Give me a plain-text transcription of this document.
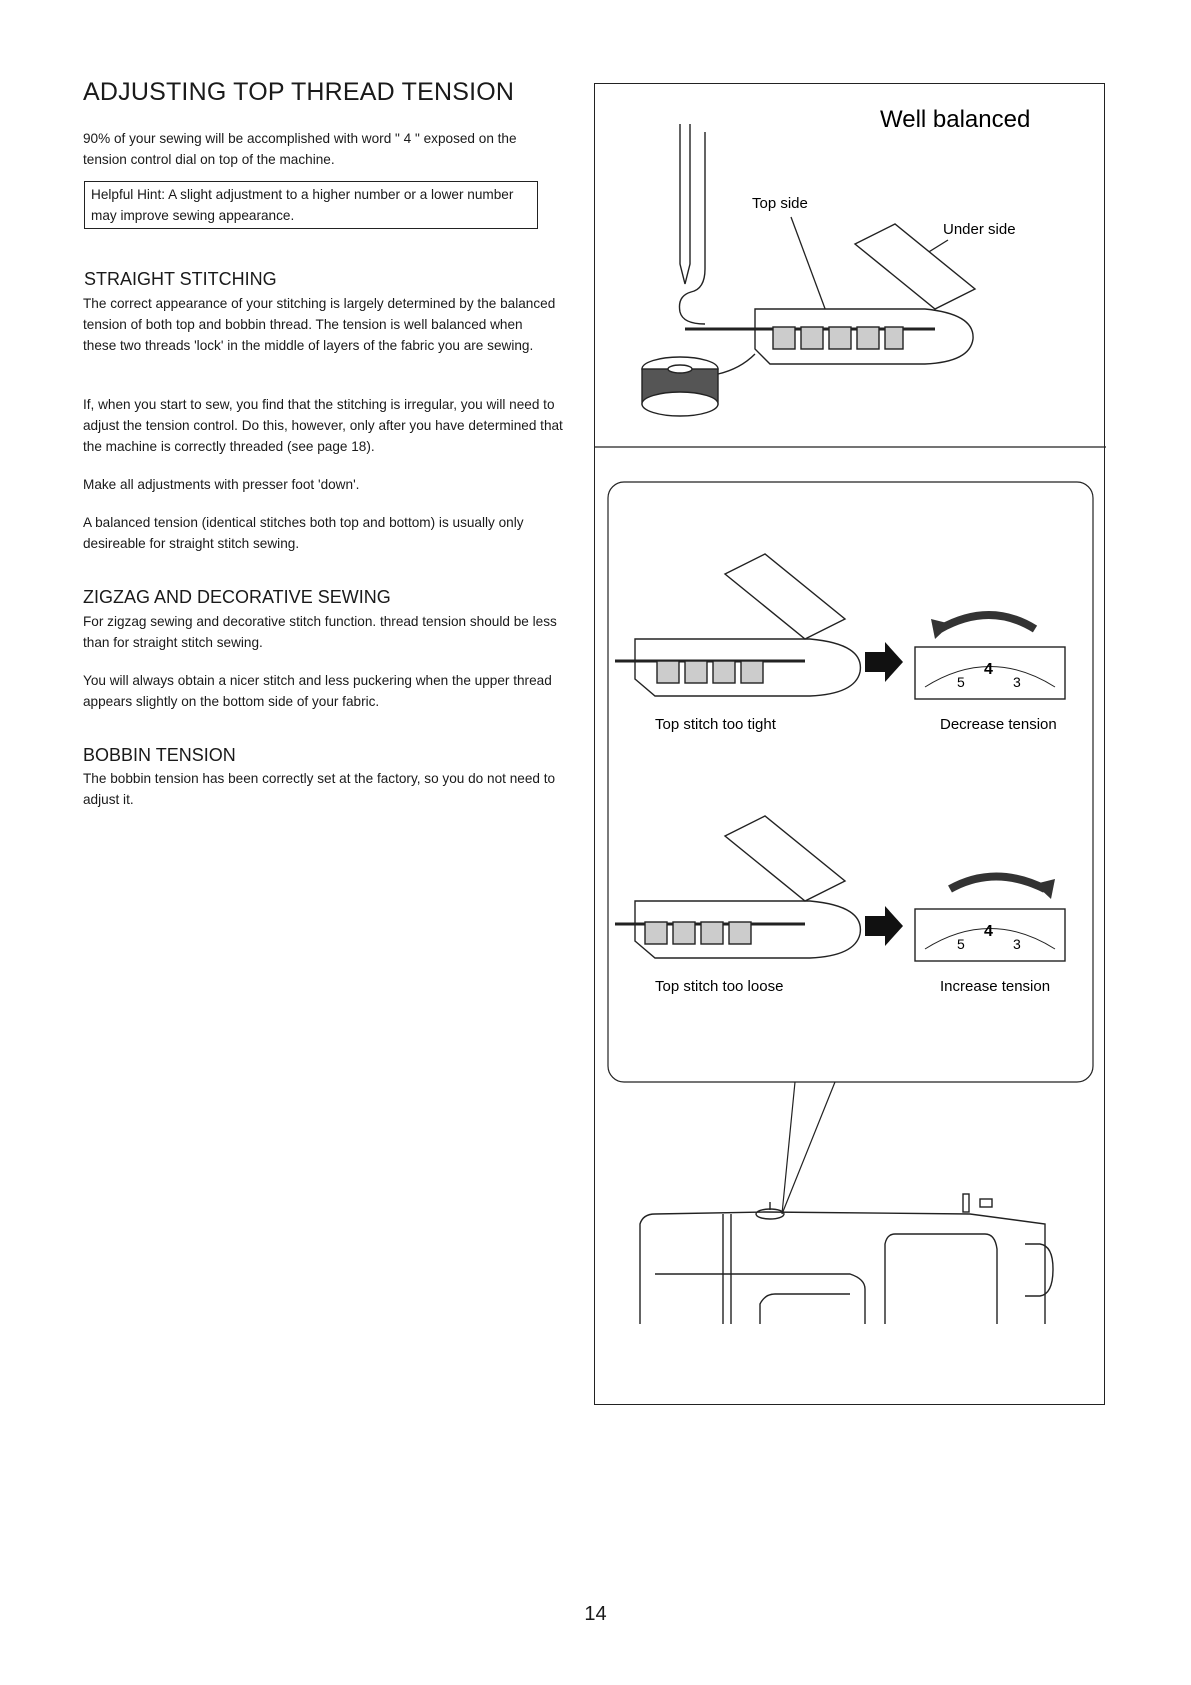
ADJUSTING TOP THREAD TENSION

90% of your sewing will be accomplished with word " 4 " exposed on the tension control dial on top of the machine.

Helpful Hint: A slight adjustment to a higher number or a lower number may improve sewing appearance.
STRAIGHT STITCHING

The correct appearance of your stitching is largely determined by the balanced tension of both top and bobbin thread. The tension is well balanced when these two threads 'lock' in the middle of layers of the fabric you are sewing.

If, when you start to sew, you find that the stitching is irregular, you will need to adjust the tension control. Do this, however, only after you have determined that the machine is correctly threaded (see page 18).

Make all adjustments with presser foot 'down'.

A balanced tension (identical stitches both top and bottom) is usually only desireable for straight stitch sewing.

ZIGZAG AND DECORATIVE SEWING

For zigzag sewing and decorative stitch function. thread tension should be less than for straight stitch sewing.

You will always obtain a nicer stitch and less puckering when the upper thread appears slightly on the bottom side of your fabric.

BOBBIN TENSION

The bobbin tension has been correctly set at the factory, so you do not need to adjust it.

Well balanced
Top side
Under side
5
4
3
Top stitch too tight	Decrease tension
5
4
3
Top stitch too loose	Increase tension
14
